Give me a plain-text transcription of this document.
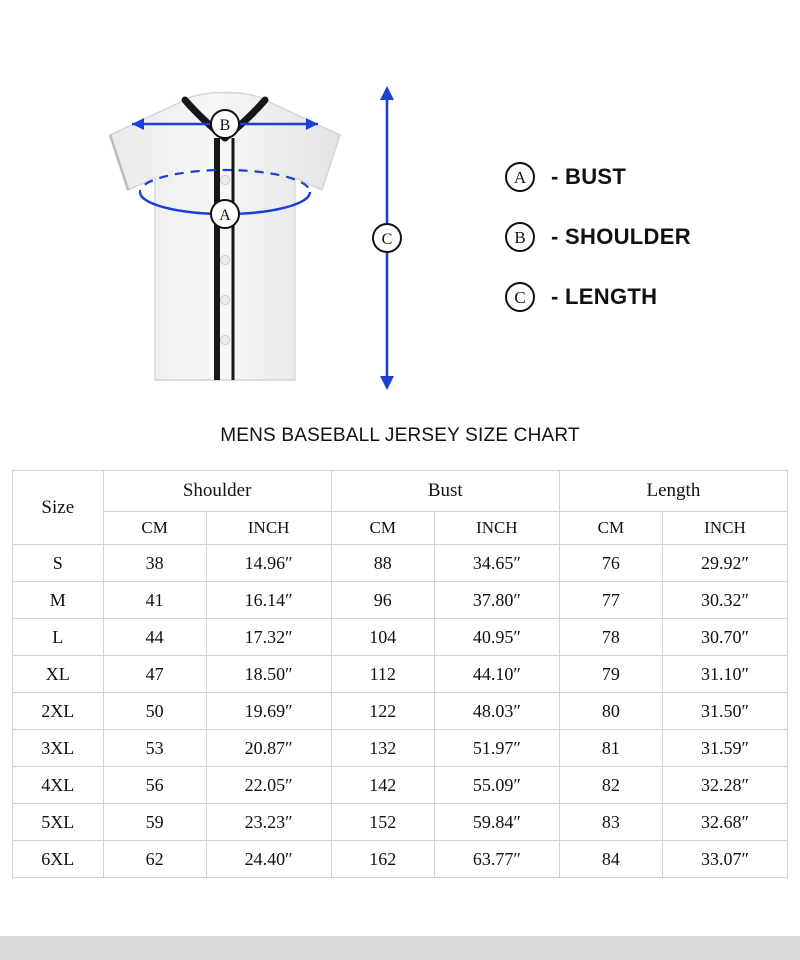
B
A
C
A	- BUST
B	- SHOULDER
C	- LENGTH
MENS BASEBALL JERSEY SIZE CHART
Size	Shoulder		Bust		Length	
	CM	INCH	CM	INCH	CM	INCH
S	38	14.96″	88	34.65″	76	29.92″
M	41	16.14″	96	37.80″	77	30.32″
L	44	17.32″	104	40.95″	78	30.70″
XL	47	18.50″	112	44.10″	79	31.10″
2XL	50	19.69″	122	48.03″	80	31.50″
3XL	53	20.87″	132	51.97″	81	31.59″
4XL	56	22.05″	142	55.09″	82	32.28″
5XL	59	23.23″	152	59.84″	83	32.68″
6XL	62	24.40″	162	63.77″	84	33.07″
